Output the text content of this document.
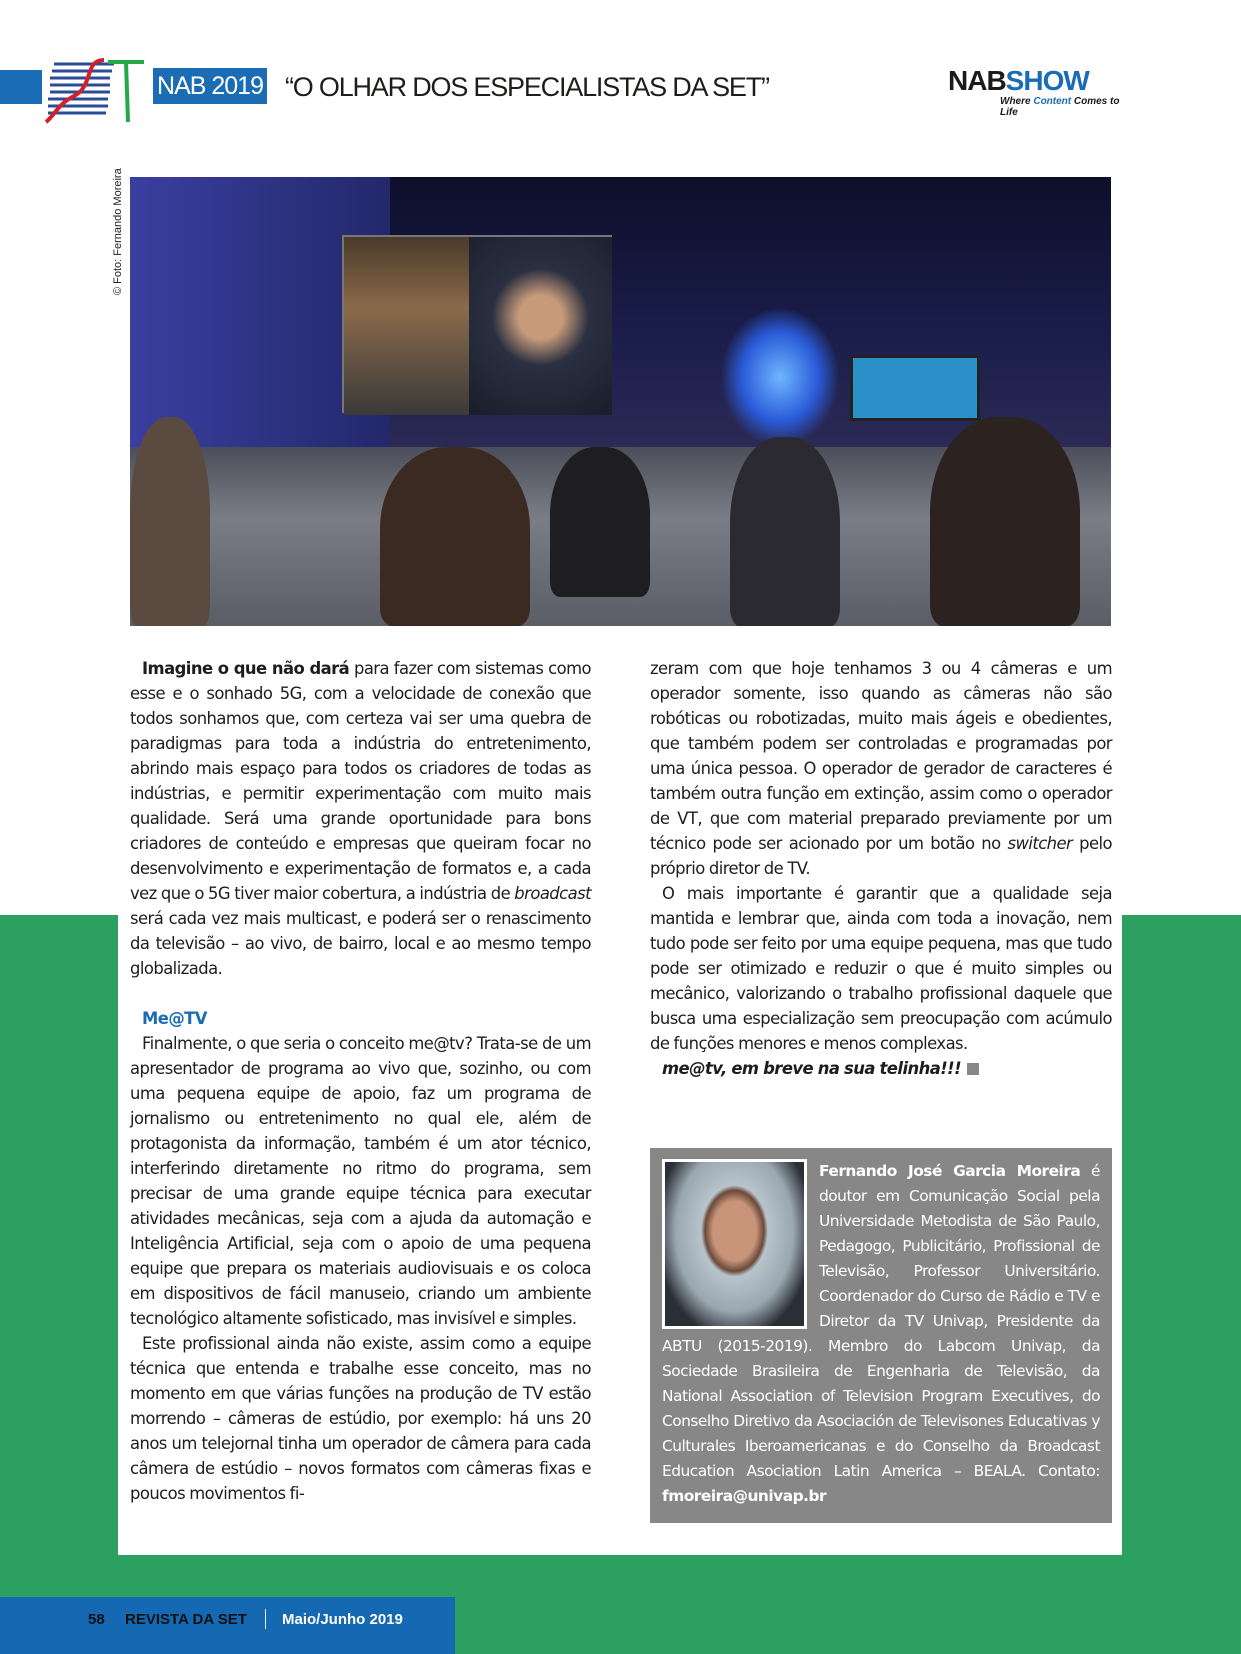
NAB 2019 “O OLHAR DOS ESPECIALISTAS DA SET”	NABSHOW
Where Content Comes to Life
© Foto: Fernando Moreira

Imagine o que não dará para fazer com sistemas como esse e o sonhado 5G, com a velocidade de conexão que todos sonhamos que, com certeza vai ser uma quebra de paradigmas para toda a indústria do entretenimento, abrindo mais espaço para todos os criadores de todas as indústrias, e permitir experimentação com muito mais qualidade. Será uma grande oportunidade para bons criadores de conteúdo e empresas que queiram focar no desenvolvimento e experimentação de formatos e, a cada vez que o 5G tiver maior cobertura, a indústria de broadcast será cada vez mais multicast, e poderá ser o renascimento da televisão – ao vivo, de bairro, local e ao mesmo tempo globalizada.

Me@TV

Finalmente, o que seria o conceito me@tv? Trata-se de um apresentador de programa ao vivo que, sozinho, ou com uma pequena equipe de apoio, faz um programa de jornalismo ou entretenimento no qual ele, além de protagonista da informação, também é um ator técnico, interferindo diretamente no ritmo do programa, sem precisar de uma grande equipe técnica para executar atividades mecânicas, seja com a ajuda da automação e Inteligência Artificial, seja com o apoio de uma pequena equipe que prepara os materiais audiovisuais e os coloca em dispositivos de fácil manuseio, criando um ambiente tecnológico altamente sofisticado, mas invisível e simples.

Este profissional ainda não existe, assim como a equipe técnica que entenda e trabalhe esse conceito, mas no momento em que várias funções na produção de TV estão morrendo – câmeras de estúdio, por exemplo: há uns 20 anos um telejornal tinha um operador de câmera para cada câmera de estúdio – novos formatos com câmeras fixas e poucos movimentos fi-

zeram com que hoje tenhamos 3 ou 4 câmeras e um operador somente, isso quando as câmeras não são robóticas ou robotizadas, muito mais ágeis e obedientes, que também podem ser controladas e programadas por uma única pessoa. O operador de gerador de caracteres é também outra função em extinção, assim como o operador de VT, que com material preparado previamente por um técnico pode ser acionado por um botão no switcher pelo próprio diretor de TV.

O mais importante é garantir que a qualidade seja mantida e lembrar que, ainda com toda a inovação, nem tudo pode ser feito por uma equipe pequena, mas que tudo pode ser otimizado e reduzir o que é muito simples ou mecânico, valorizando o trabalho profissional daquele que busca uma especialização sem preocupação com acúmulo de funções menores e menos complexas.

me@tv, em breve na sua telinha!!!
Fernando José Garcia Moreira é doutor em Comunicação Social pela Universidade Metodista de São Paulo, Pedagogo, Publicitário, Profissional de Televisão, Professor Universitário. Coordenador do Curso de Rádio e TV e Diretor da TV Univap, Presidente da ABTU (2015-2019). Membro do Labcom Univap, da Sociedade Brasileira de Engenharia de Televisão, da National Association of Television Program Executives, do Conselho Diretivo da Asociación de Televisones Educativas y Culturales Iberoamericanas e do Conselho da Broadcast Education Asociation Latin America – BEALA. Contato: fmoreira@univap.br
58 REVISTA DA SET Maio/Junho 2019
